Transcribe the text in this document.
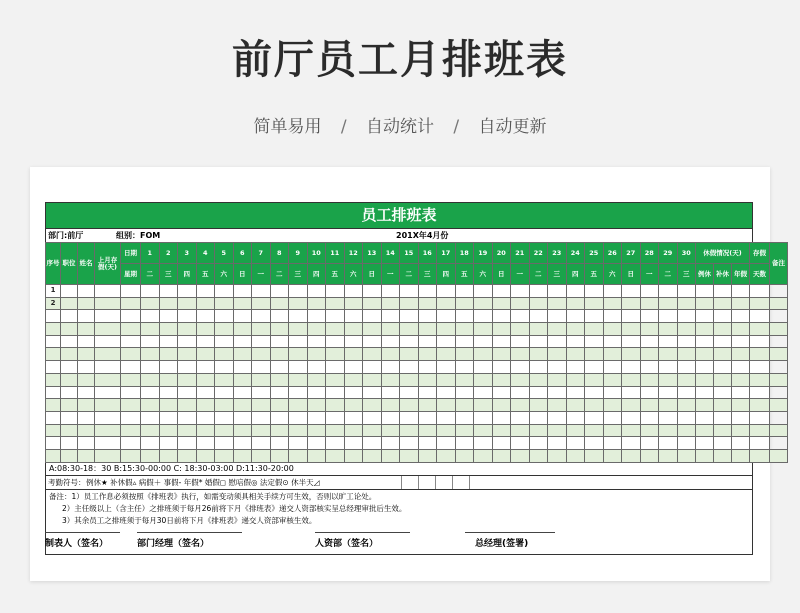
前厅员工月排班表
简单易用 / 自动统计 / 自动更新
员工排班表
部门:前厅	组别：FOM	201X年4月份
序号	职位	姓名	上月存假(天)	日期	1	2	3	4	5	6	7	8	9	10	11	12	13	14	15	16	17	18	19	20	21	22	23	24	25	26	27	28	29	30	休假情况(天)			存假	备注
				星期	二	三	四	五	六	日	一	二	三	四	五	六	日	一	二	三	四	五	六	日	一	二	三	四	五	六	日	一	二	三	例休	补休	年假	天数	
1																																							
2																																							

A:08:30-18：30 B:15:30-00:00 C: 18:30-03:00 D:11:30-20:00
考勤符号： 例休★ 补休假▵ 病假＋ 事假- 年假* 婚假◻ 慰唁假◎ 法定假⊙ 休半天◿
备注：1）员工作息必须按照《排班表》执行，如需变动须具相关手续方可生效，否则以旷工论处。
2）主任级以上（含主任）之排班须于每月26前将下月《排班表》递交人资部核实呈总经理审批后生效。
3）其余员工之排班须于每月30日前将下月《排班表》递交人资部审核生效。
制表人（签名）	部门经理（签名）	人资部（签名）	总经理(签署)
